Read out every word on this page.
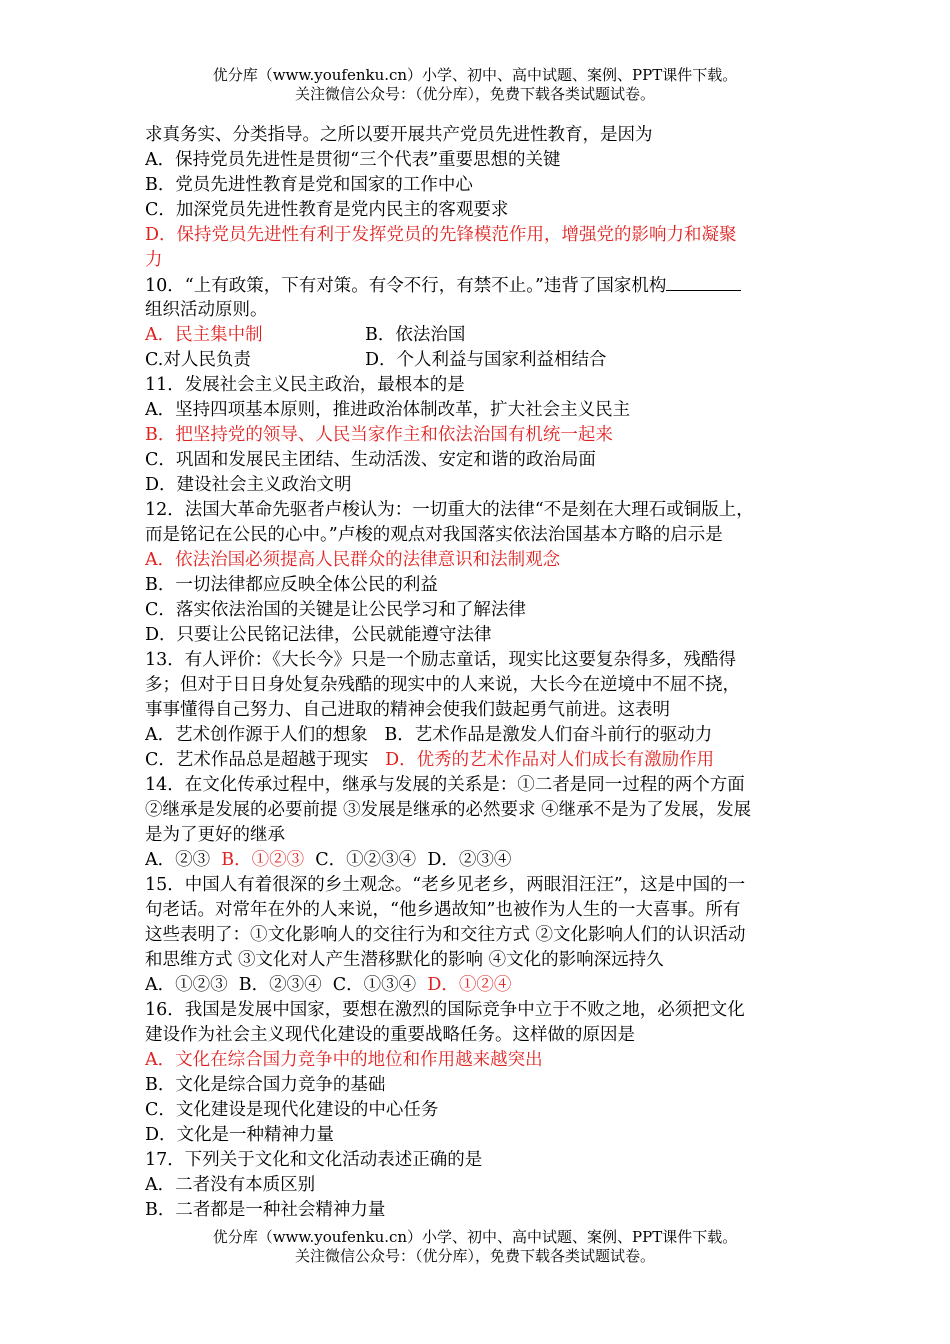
优分库（www.youfenku.cn）小学、初中、高中试题、案例、PPT课件下载。
关注微信公众号：（优分库），免费下载各类试题试卷。
求真务实、分类指导。之所以要开展共产党员先进性教育，是因为
A．保持党员先进性是贯彻“三个代表”重要思想的关键
B．党员先进性教育是党和国家的工作中心
C．加深党员先进性教育是党内民主的客观要求
D．保持党员先进性有利于发挥党员的先锋模范作用，增强党的影响力和凝聚
力
10．“上有政策，下有对策。有令不行，有禁不止。”违背了国家机构
组织活动原则。
A．民主集中制	B．依法治国
C.对人民负责	D．个人利益与国家利益相结合
11．发展社会主义民主政治，最根本的是
A．坚持四项基本原则，推进政治体制改革，扩大社会主义民主
B．把坚持党的领导、人民当家作主和依法治国有机统一起来
C．巩固和发展民主团结、生动活泼、安定和谐的政治局面
D．建设社会主义政治文明
12．法国大革命先驱者卢梭认为：一切重大的法律“不是刻在大理石或铜版上，
而是铭记在公民的心中。”卢梭的观点对我国落实依法治国基本方略的启示是
A．依法治国必须提高人民群众的法律意识和法制观念
B．一切法律都应反映全体公民的利益
C．落实依法治国的关键是让公民学习和了解法律
D．只要让公民铭记法律，公民就能遵守法律
13．有人评价：《大长今》只是一个励志童话，现实比这要复杂得多，残酷得
多；但对于日日身处复杂残酷的现实中的人来说，大长今在逆境中不屈不挠，
事事懂得自己努力、自己进取的精神会使我们鼓起勇气前进。这表明
A．艺术创作源于人们的想象 B．艺术作品是激发人们奋斗前行的驱动力
C．艺术作品总是超越于现实 D．优秀的艺术作品对人们成长有激励作用
14．在文化传承过程中，继承与发展的关系是：①二者是同一过程的两个方面
②继承是发展的必要前提 ③发展是继承的必然要求 ④继承不是为了发展，发展
是为了更好的继承
A．②③ B．①②③ C．①②③④ D．②③④
15．中国人有着很深的乡土观念。“老乡见老乡，两眼泪汪汪”，这是中国的一
句老话。对常年在外的人来说，“他乡遇故知”也被作为人生的一大喜事。所有
这些表明了：①文化影响人的交往行为和交往方式 ②文化影响人们的认识活动
和思维方式 ③文化对人产生潜移默化的影响 ④文化的影响深远持久
A．①②③ B．②③④ C．①③④ D．①②④
16．我国是发展中国家，要想在激烈的国际竞争中立于不败之地，必须把文化
建设作为社会主义现代化建设的重要战略任务。这样做的原因是
A．文化在综合国力竞争中的地位和作用越来越突出
B．文化是综合国力竞争的基础
C．文化建设是现代化建设的中心任务
D．文化是一种精神力量
17．下列关于文化和文化活动表述正确的是
A．二者没有本质区别
B．二者都是一种社会精神力量
优分库（www.youfenku.cn）小学、初中、高中试题、案例、PPT课件下载。
关注微信公众号：（优分库），免费下载各类试题试卷。
